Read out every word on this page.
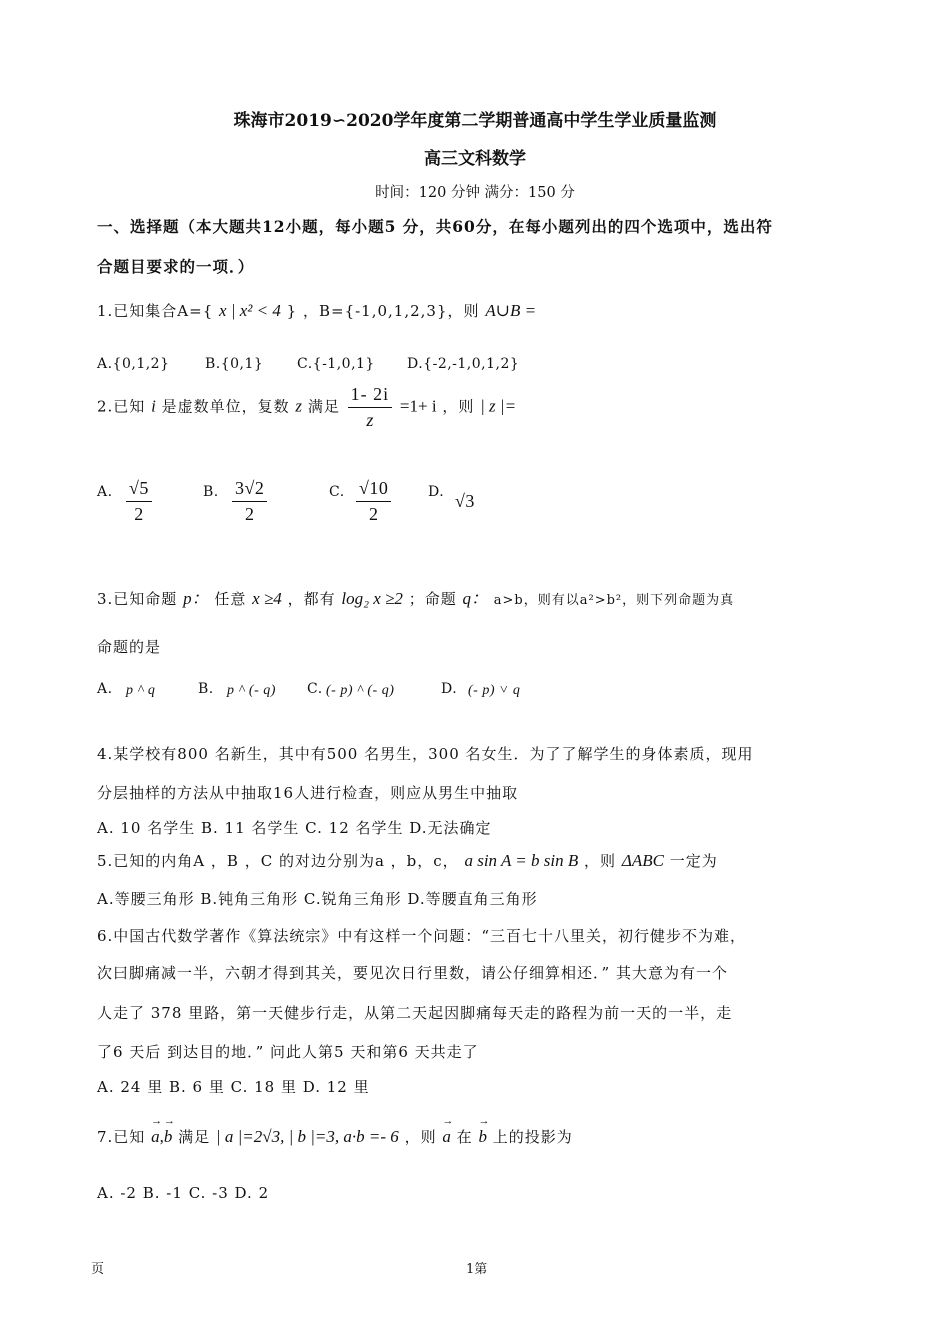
珠海市2019∽2020学年度第二学期普通高中学生学业质量监测
高三文科数学
时间：120 分钟 满分：150 分
一、选择题（本大题共12小题，每小题5 分，共60分，在每小题列出的四个选项中，选出符
合题目要求的一项．）
1.已知集合A={ x | x² < 4 } ，B={-1,0,1,2,3}，则 A∪B =
A.{0,1,2}	B.{0,1} C.{-1,0,1} D.{-2,-1,0,1,2}
2.已知 i 是虚数单位，复数 z 满足 $\frac{1- 2i}{z} =1+ i$ ，则 | z |=
A. $\frac{√5}{2}$	B. $\frac{3√2}{2}$	C. $\frac{√10}{2}$	D. √3
3.已知命题 p： 任意 x ≥4 ，都有 log₂ x ≥2 ；命题 q： a>b，则有以a²>b²，则下列命题为真
命题的是
A. p ^ q	B. p ^ (- q) C. (- p) ^ (- q)	D. (- p) ˅ q
4.某学校有800 名新生，其中有500 名男生，300 名女生．为了了解学生的身体素质，现用
分层抽样的方法从中抽取16人进行检查，则应从男生中抽取
A. 10 名学生 B. 11 名学生 C. 12 名学生 D.无法确定
5.已知的内角A ，B ，C 的对边分别为a ，b，c， a sin A = b sin B ，则 ΔABC 一定为
A.等腰三角形 B.钝角三角形 C.锐角三角形 D.等腰直角三角形
6.中国古代数学著作《算法统宗》中有这样一个问题：“三百七十八里关，初行健步不为难，
次曰脚痛减一半，六朝才得到其关，要见次日行里数，请公仔细算相还．” 其大意为有一个
人走了 378 里路，第一天健步行走，从第二天起因脚痛每天走的路程为前一天的一半，走
了6 天后 到达目的地．” 问此人第5 天和第6 天共走了
A. 24 里 B. 6 里 C. 18 里 D. 12 里
7.已知 → a,→ b 满足 | a |=2√3, | b |=3, a·b =- 6 ，则 → a 在 → b 上的投影为
A. -2 B. -1 C. -3 D. 2
页	1第
